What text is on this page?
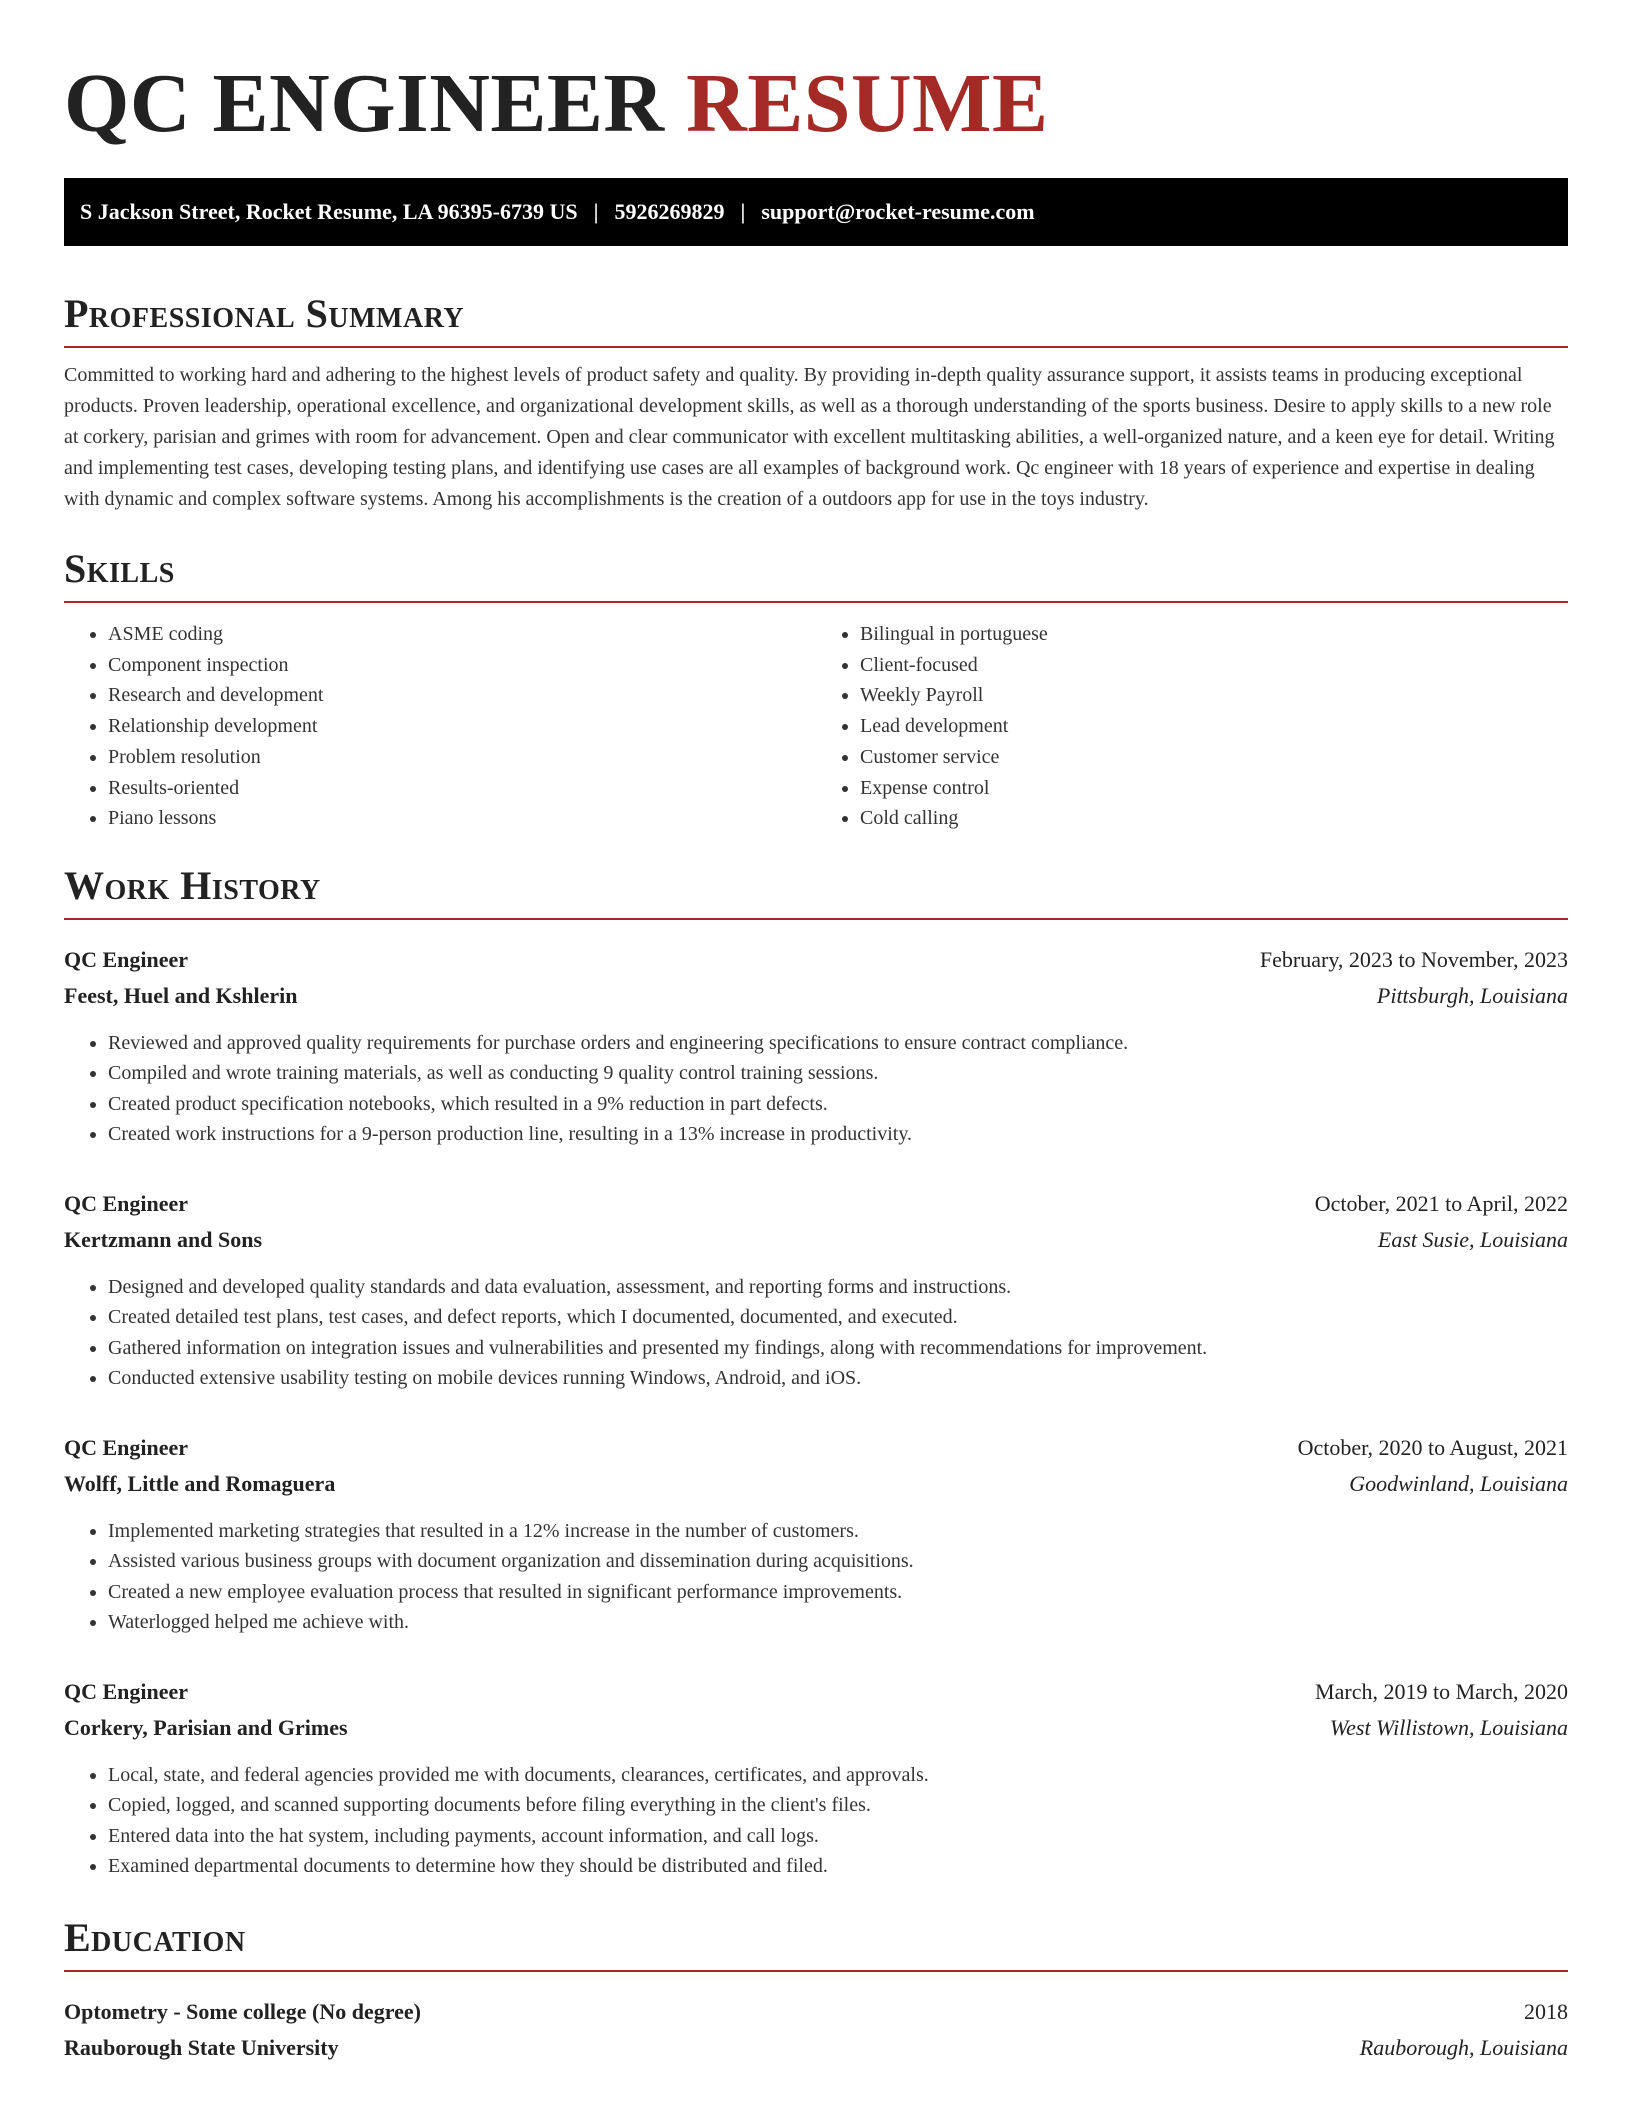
QC ENGINEER RESUME
S Jackson Street, Rocket Resume, LA 96395-6739 US | 5926269829 | support@rocket-resume.com
Professional Summary

Committed to working hard and adhering to the highest levels of product safety and quality. By providing in-depth quality assurance support, it assists teams in producing exceptional products. Proven leadership, operational excellence, and organizational development skills, as well as a thorough understanding of the sports business. Desire to apply skills to a new role at corkery, parisian and grimes with room for advancement. Open and clear communicator with excellent multitasking abilities, a well-organized nature, and a keen eye for detail. Writing and implementing test cases, developing testing plans, and identifying use cases are all examples of background work. Qc engineer with 18 years of experience and expertise in dealing with dynamic and complex software systems. Among his accomplishments is the creation of a outdoors app for use in the toys industry.

Skills
• ASME coding
• Component inspection
• Research and development
• Relationship development
• Problem resolution
• Results-oriented
• Piano lessons
• Bilingual in portuguese
• Client-focused
• Weekly Payroll
• Lead development
• Customer service
• Expense control
• Cold calling
Work History
QC Engineer	February, 2023 to November, 2023
Feest, Huel and Kshlerin	Pittsburgh, Louisiana
• Reviewed and approved quality requirements for purchase orders and engineering specifications to ensure contract compliance.
• Compiled and wrote training materials, as well as conducting 9 quality control training sessions.
• Created product specification notebooks, which resulted in a 9% reduction in part defects.
• Created work instructions for a 9-person production line, resulting in a 13% increase in productivity.
QC Engineer	October, 2021 to April, 2022
Kertzmann and Sons	East Susie, Louisiana
• Designed and developed quality standards and data evaluation, assessment, and reporting forms and instructions.
• Created detailed test plans, test cases, and defect reports, which I documented, documented, and executed.
• Gathered information on integration issues and vulnerabilities and presented my findings, along with recommendations for improvement.
• Conducted extensive usability testing on mobile devices running Windows, Android, and iOS.
QC Engineer	October, 2020 to August, 2021
Wolff, Little and Romaguera	Goodwinland, Louisiana
• Implemented marketing strategies that resulted in a 12% increase in the number of customers.
• Assisted various business groups with document organization and dissemination during acquisitions.
• Created a new employee evaluation process that resulted in significant performance improvements.
• Waterlogged helped me achieve with.
QC Engineer	March, 2019 to March, 2020
Corkery, Parisian and Grimes	West Willistown, Louisiana
• Local, state, and federal agencies provided me with documents, clearances, certificates, and approvals.
• Copied, logged, and scanned supporting documents before filing everything in the client's files.
• Entered data into the hat system, including payments, account information, and call logs.
• Examined departmental documents to determine how they should be distributed and filed.
Education
Optometry - Some college (No degree)	2018
Rauborough State University	Rauborough, Louisiana
